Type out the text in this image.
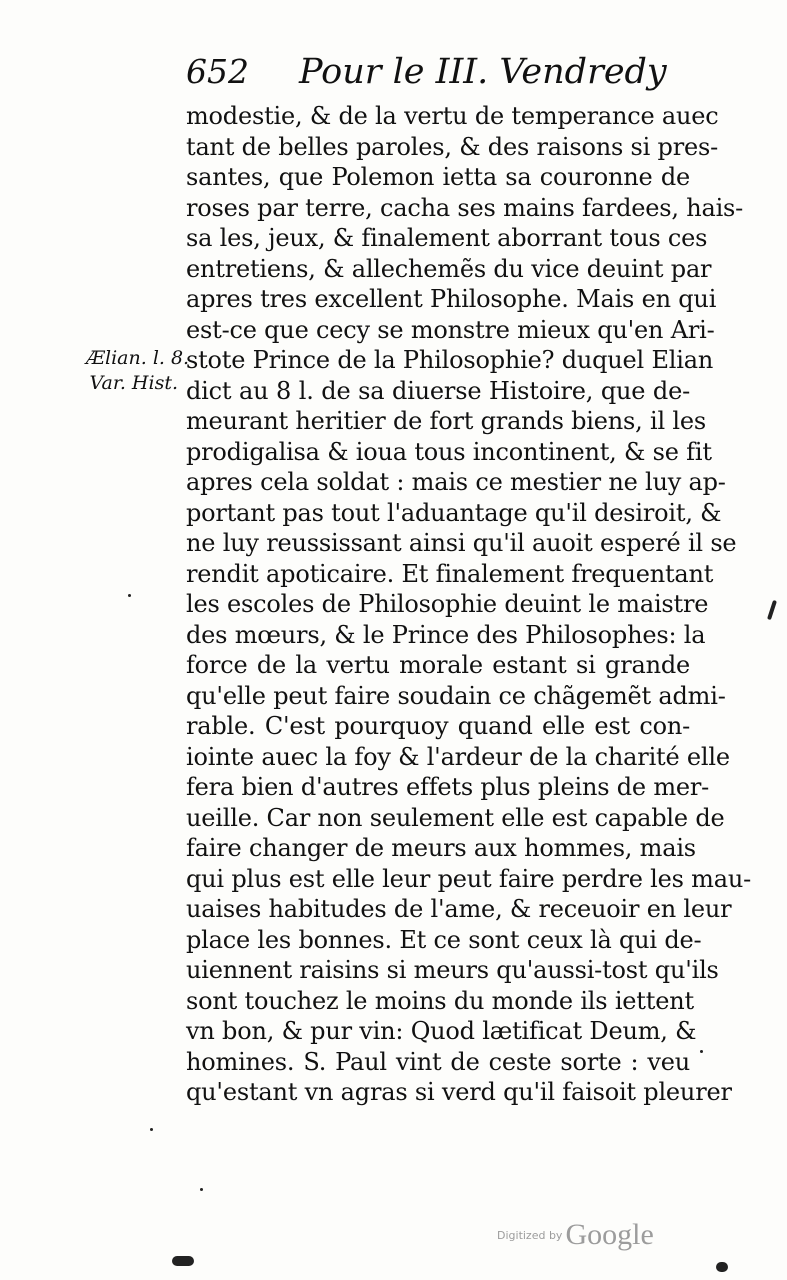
652 Pour le III. Vendredy
Ælian. l. 8.
Var. Hist.
modestie, & de la vertu de temperance auec
tant de belles paroles, & des raisons si pres-
santes, que Polemon ietta sa couronne de
roses par terre, cacha ses mains fardees, hais-
sa les, jeux, & finalement aborrant tous ces
entretiens, & allechemẽs du vice deuint par
apres tres excellent Philosophe. Mais en qui
est-ce que cecy se monstre mieux qu'en Ari-
stote Prince de la Philosophie? duquel Elian
dict au 8 l. de sa diuerse Histoire, que de-
meurant heritier de fort grands biens, il les
prodigalisa & ioua tous incontinent, & se fit
apres cela soldat : mais ce mestier ne luy ap-
portant pas tout l'aduantage qu'il desiroit, &
ne luy reussissant ainsi qu'il auoit esperé il se
rendit apoticaire. Et finalement frequentant
les escoles de Philosophie deuint le maistre
des mœurs, & le Prince des Philosophes: la
force de la vertu morale estant si grande
qu'elle peut faire soudain ce chãgemẽt admi-
rable. C'est pourquoy quand elle est con-
iointe auec la foy & l'ardeur de la charité elle
fera bien d'autres effets plus pleins de mer-
ueille. Car non seulement elle est capable de
faire changer de meurs aux hommes, mais
qui plus est elle leur peut faire perdre les mau-
uaises habitudes de l'ame, & receuoir en leur
place les bonnes. Et ce sont ceux là qui de-
uiennent raisins si meurs qu'aussi-tost qu'ils
sont touchez le moins du monde ils iettent
vn bon, & pur vin: Quod lætificat Deum, &
homines. S. Paul vint de ceste sorte : veu
qu'estant vn agras si verd qu'il faisoit pleurer
Digitized by Google
